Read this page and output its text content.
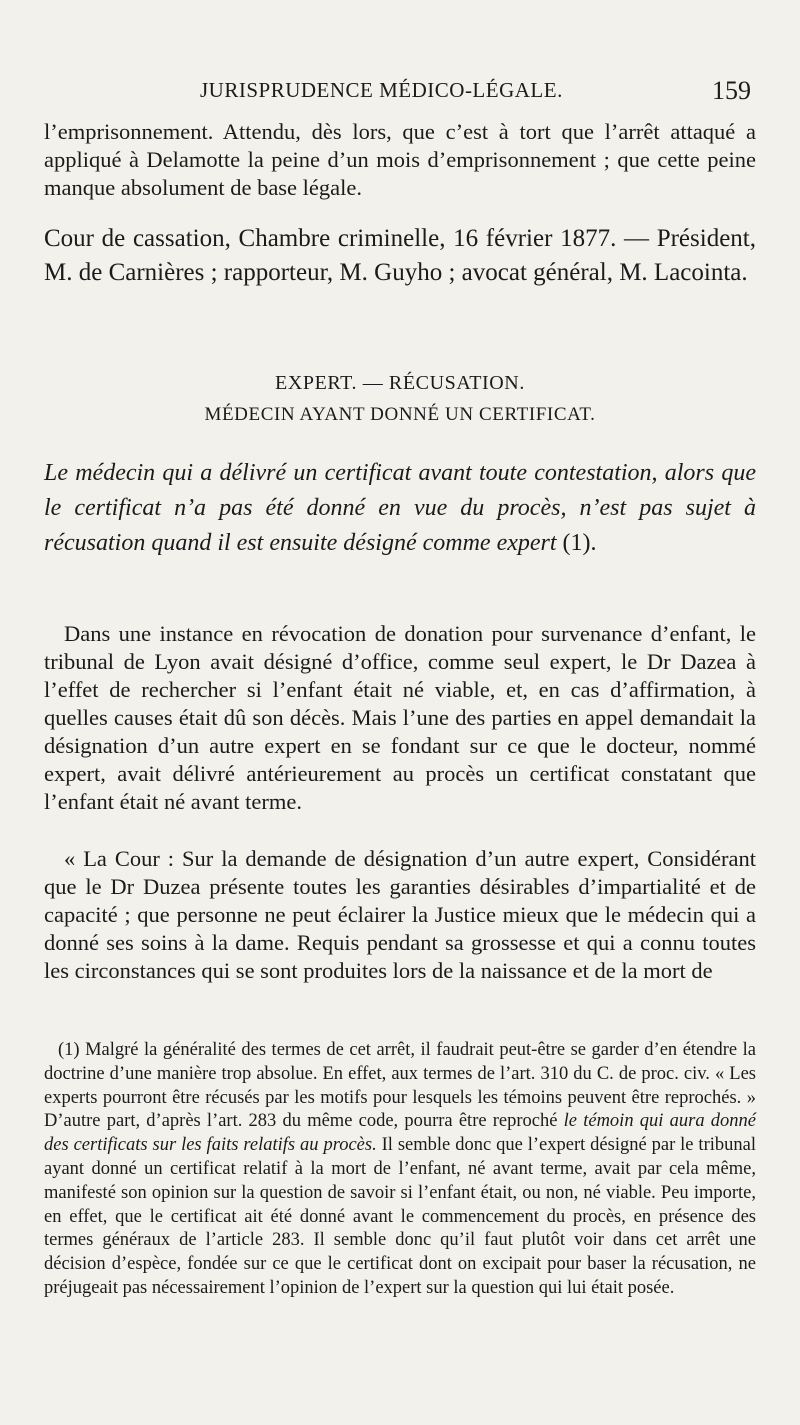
JURISPRUDENCE MÉDICO-LÉGALE.	159

l’emprisonnement. Attendu, dès lors, que c’est à tort que l’arrêt attaqué a appliqué à Delamotte la peine d’un mois d’emprisonnement ; que cette peine manque absolument de base légale.

Cour de cassation, Chambre criminelle, 16 février 1877. — Président, M. de Carnières ; rapporteur, M. Guyho ; avocat général, M. Lacointa.

EXPERT. — RÉCUSATION.

MÉDECIN AYANT DONNÉ UN CERTIFICAT.

Le médecin qui a délivré un certificat avant toute contestation, alors que le certificat n’a pas été donné en vue du procès, n’est pas sujet à récusation quand il est ensuite désigné comme expert (1).

Dans une instance en révocation de donation pour survenance d’enfant, le tribunal de Lyon avait désigné d’office, comme seul expert, le Dr Dazea à l’effet de rechercher si l’enfant était né viable, et, en cas d’affirmation, à quelles causes était dû son décès. Mais l’une des parties en appel demandait la désignation d’un autre expert en se fondant sur ce que le docteur, nommé expert, avait délivré antérieurement au procès un certificat constatant que l’enfant était né avant terme.

« La Cour : Sur la demande de désignation d’un autre expert, Considérant que le Dr Duzea présente toutes les garanties désirables d’impartialité et de capacité ; que personne ne peut éclairer la Justice mieux que le médecin qui a donné ses soins à la dame. Requis pendant sa grossesse et qui a connu toutes les circonstances qui se sont produites lors de la naissance et de la mort de

(1) Malgré la généralité des termes de cet arrêt, il faudrait peut-être se garder d’en étendre la doctrine d’une manière trop absolue. En effet, aux termes de l’art. 310 du C. de proc. civ. « Les experts pourront être récusés par les motifs pour lesquels les témoins peuvent être reprochés. » D’autre part, d’après l’art. 283 du même code, pourra être reproché le témoin qui aura donné des certificats sur les faits relatifs au procès. Il semble donc que l’expert désigné par le tribunal ayant donné un certificat relatif à la mort de l’enfant, né avant terme, avait par cela même, manifesté son opinion sur la question de savoir si l’enfant était, ou non, né viable. Peu importe, en effet, que le certificat ait été donné avant le commencement du procès, en présence des termes généraux de l’article 283. Il semble donc qu’il faut plutôt voir dans cet arrêt une décision d’espèce, fondée sur ce que le certificat dont on excipait pour baser la récusation, ne préjugeait pas nécessairement l’opinion de l’expert sur la question qui lui était posée.
